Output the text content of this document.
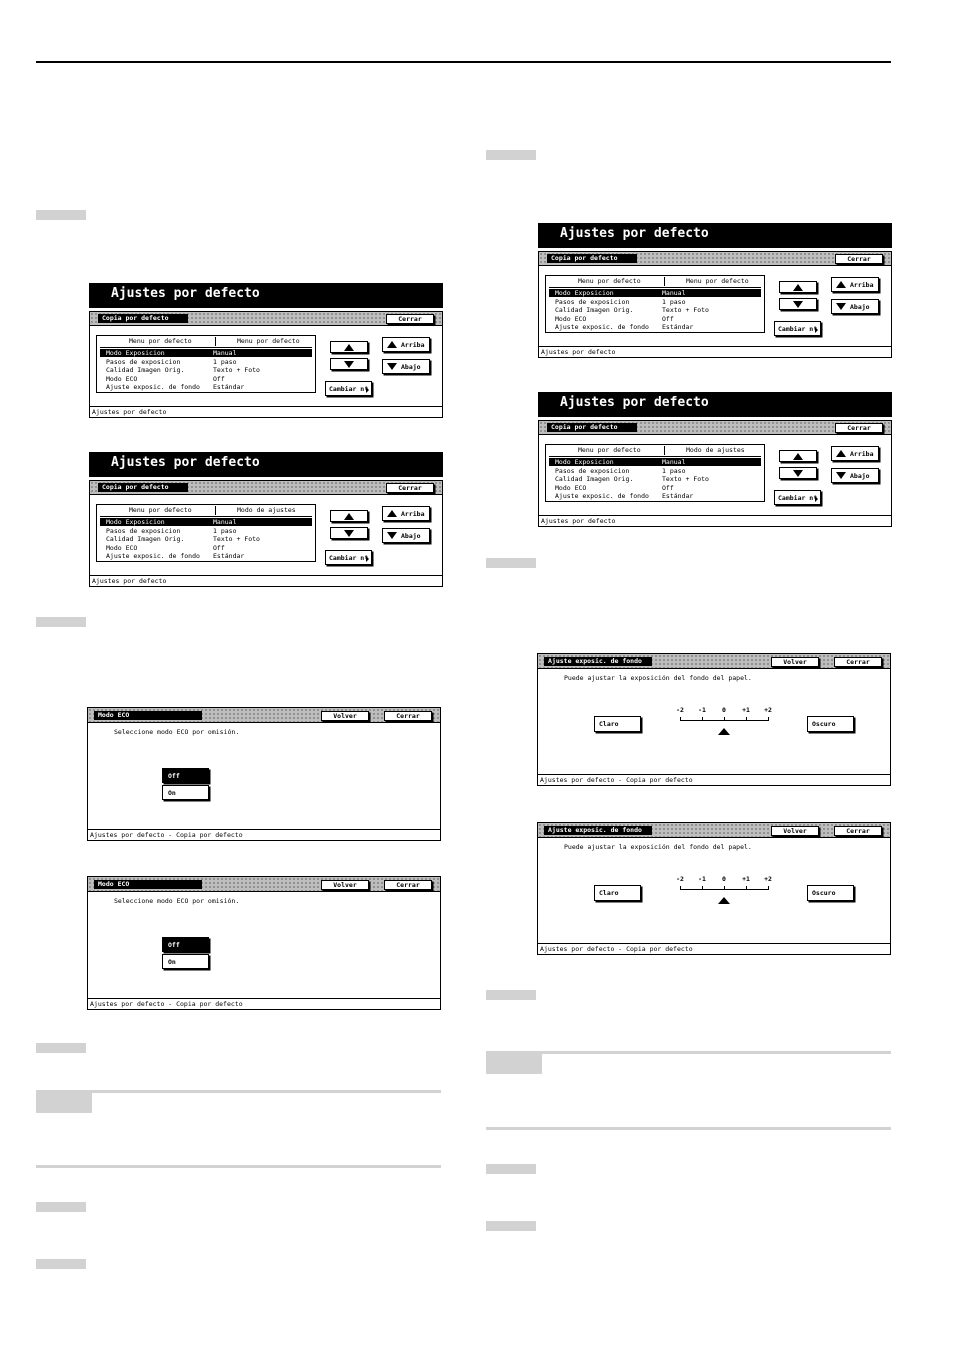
Ajustes por defecto
Copia por defecto	Cerrar
Menu por defecto	Menu por defecto
Modo Exposicion	Manual
Pasos de exposicion	1 paso
Calidad Imagen Orig.	Texto + Foto
Modo ECO	Off
Ajuste exposic. de fondo Estándar
Arriba
Abajo
Cambiar nº
Ajustes por defecto
Ajustes por defecto
Copia por defecto	Cerrar
Menu por defecto	Modo de ajustes
Modo Exposicion	Manual
Pasos de exposicion	1 paso
Calidad Imagen Orig.	Texto + Foto
Modo ECO	Off
Ajuste exposic. de fondo Estándar
Arriba
Abajo
Cambiar nº
Ajustes por defecto
Modo ECO	Volver	Cerrar
Seleccione modo ECO por omisión.
Off
On
Ajustes por defecto - Copia por defecto
Modo ECO	Volver	Cerrar
Seleccione modo ECO por omisión.
Off
On
Ajustes por defecto - Copia por defecto
Ajustes por defecto
Copia por defecto	Cerrar
Menu por defecto	Menu por defecto
Modo Exposicion	Manual
Pasos de exposicion	1 paso
Calidad Imagen Orig.	Texto + Foto
Modo ECO	Off
Ajuste exposic. de fondo Estándar
Arriba
Abajo
Cambiar nº
Ajustes por defecto
Ajustes por defecto
Copia por defecto	Cerrar
Menu por defecto	Modo de ajustes
Modo Exposicion	Manual
Pasos de exposicion	1 paso
Calidad Imagen Orig.	Texto + Foto
Modo ECO	Off
Ajuste exposic. de fondo Estándar
Arriba
Abajo
Cambiar nº
Ajustes por defecto
Ajuste exposic. de fondo	Volver	Cerrar
Puede ajustar la exposición del fondo del papel.
Claro	Oscuro
-2	-1	0	+1	+2
Ajustes por defecto - Copia por defecto
Ajuste exposic. de fondo	Volver	Cerrar
Puede ajustar la exposición del fondo del papel.
Claro	Oscuro
-2	-1	0	+1	+2
Ajustes por defecto - Copia por defecto
